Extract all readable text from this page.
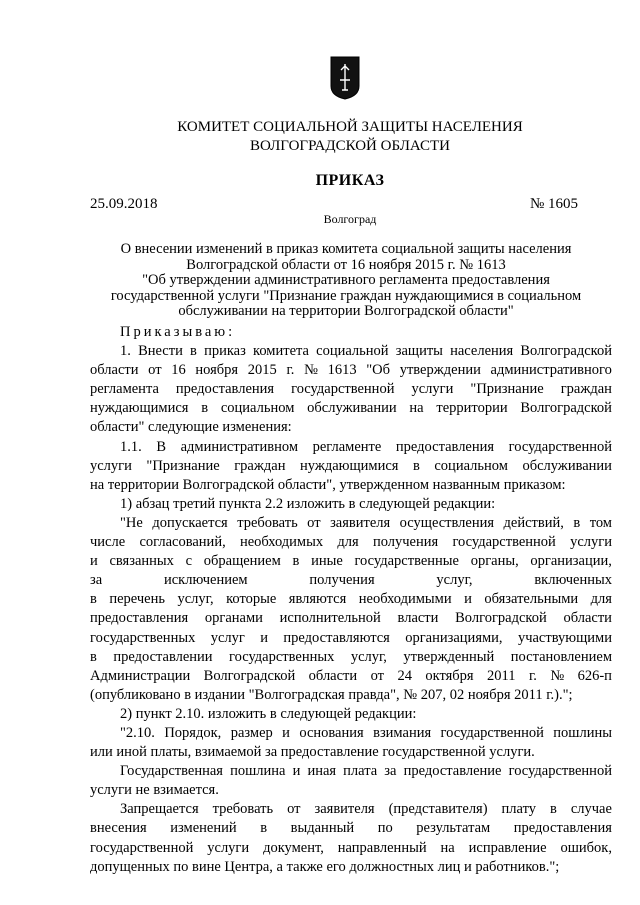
КОМИТЕТ СОЦИАЛЬНОЙ ЗАЩИТЫ НАСЕЛЕНИЯ
ВОЛГОГРАДСКОЙ ОБЛАСТИ
ПРИКАЗ
25.09.2018	№ 1605
Волгоград
О внесении изменений в приказ комитета социальной защиты населения
Волгоградской области от 16 ноября 2015 г. № 1613
"Об утверждении административного регламента предоставления
государственной услуги "Признание граждан нуждающимися в социальном
обслуживании на территории Волгоградской области"
Приказываю:
1. Внести в приказ комитета социальной защиты населения Волгоградской
области от 16 ноября 2015 г. № 1613 "Об утверждении административного
регламента предоставления государственной услуги "Признание граждан
нуждающимися в социальном обслуживании на территории Волгоградской
области" следующие изменения:
1.1. В административном регламенте предоставления государственной
услуги "Признание граждан нуждающимися в социальном обслуживании
на территории Волгоградской области", утвержденном названным приказом:
1) абзац третий пункта 2.2 изложить в следующей редакции:
"Не допускается требовать от заявителя осуществления действий, в том
числе согласований, необходимых для получения государственной услуги
и связанных с обращением в иные государственные органы, организации,
за	исключением	получения	услуг,	включенных
в перечень услуг, которые являются необходимыми и обязательными для
предоставления органами исполнительной власти Волгоградской области
государственных услуг и предоставляются организациями, участвующими
в предоставлении государственных услуг, утвержденный постановлением
Администрации Волгоградской области от 24 октября 2011 г. № 626-п
(опубликовано в издании "Волгоградская правда", № 207, 02 ноября 2011 г.).";
2) пункт 2.10. изложить в следующей редакции:
"2.10. Порядок, размер и основания взимания государственной пошлины
или иной платы, взимаемой за предоставление государственной услуги.
Государственная пошлина и иная плата за предоставление государственной
услуги не взимается.
Запрещается требовать от заявителя (представителя) плату в случае
внесения изменений в выданный по результатам предоставления
государственной услуги документ, направленный на исправление ошибок,
допущенных по вине Центра, а также его должностных лиц и работников.";
